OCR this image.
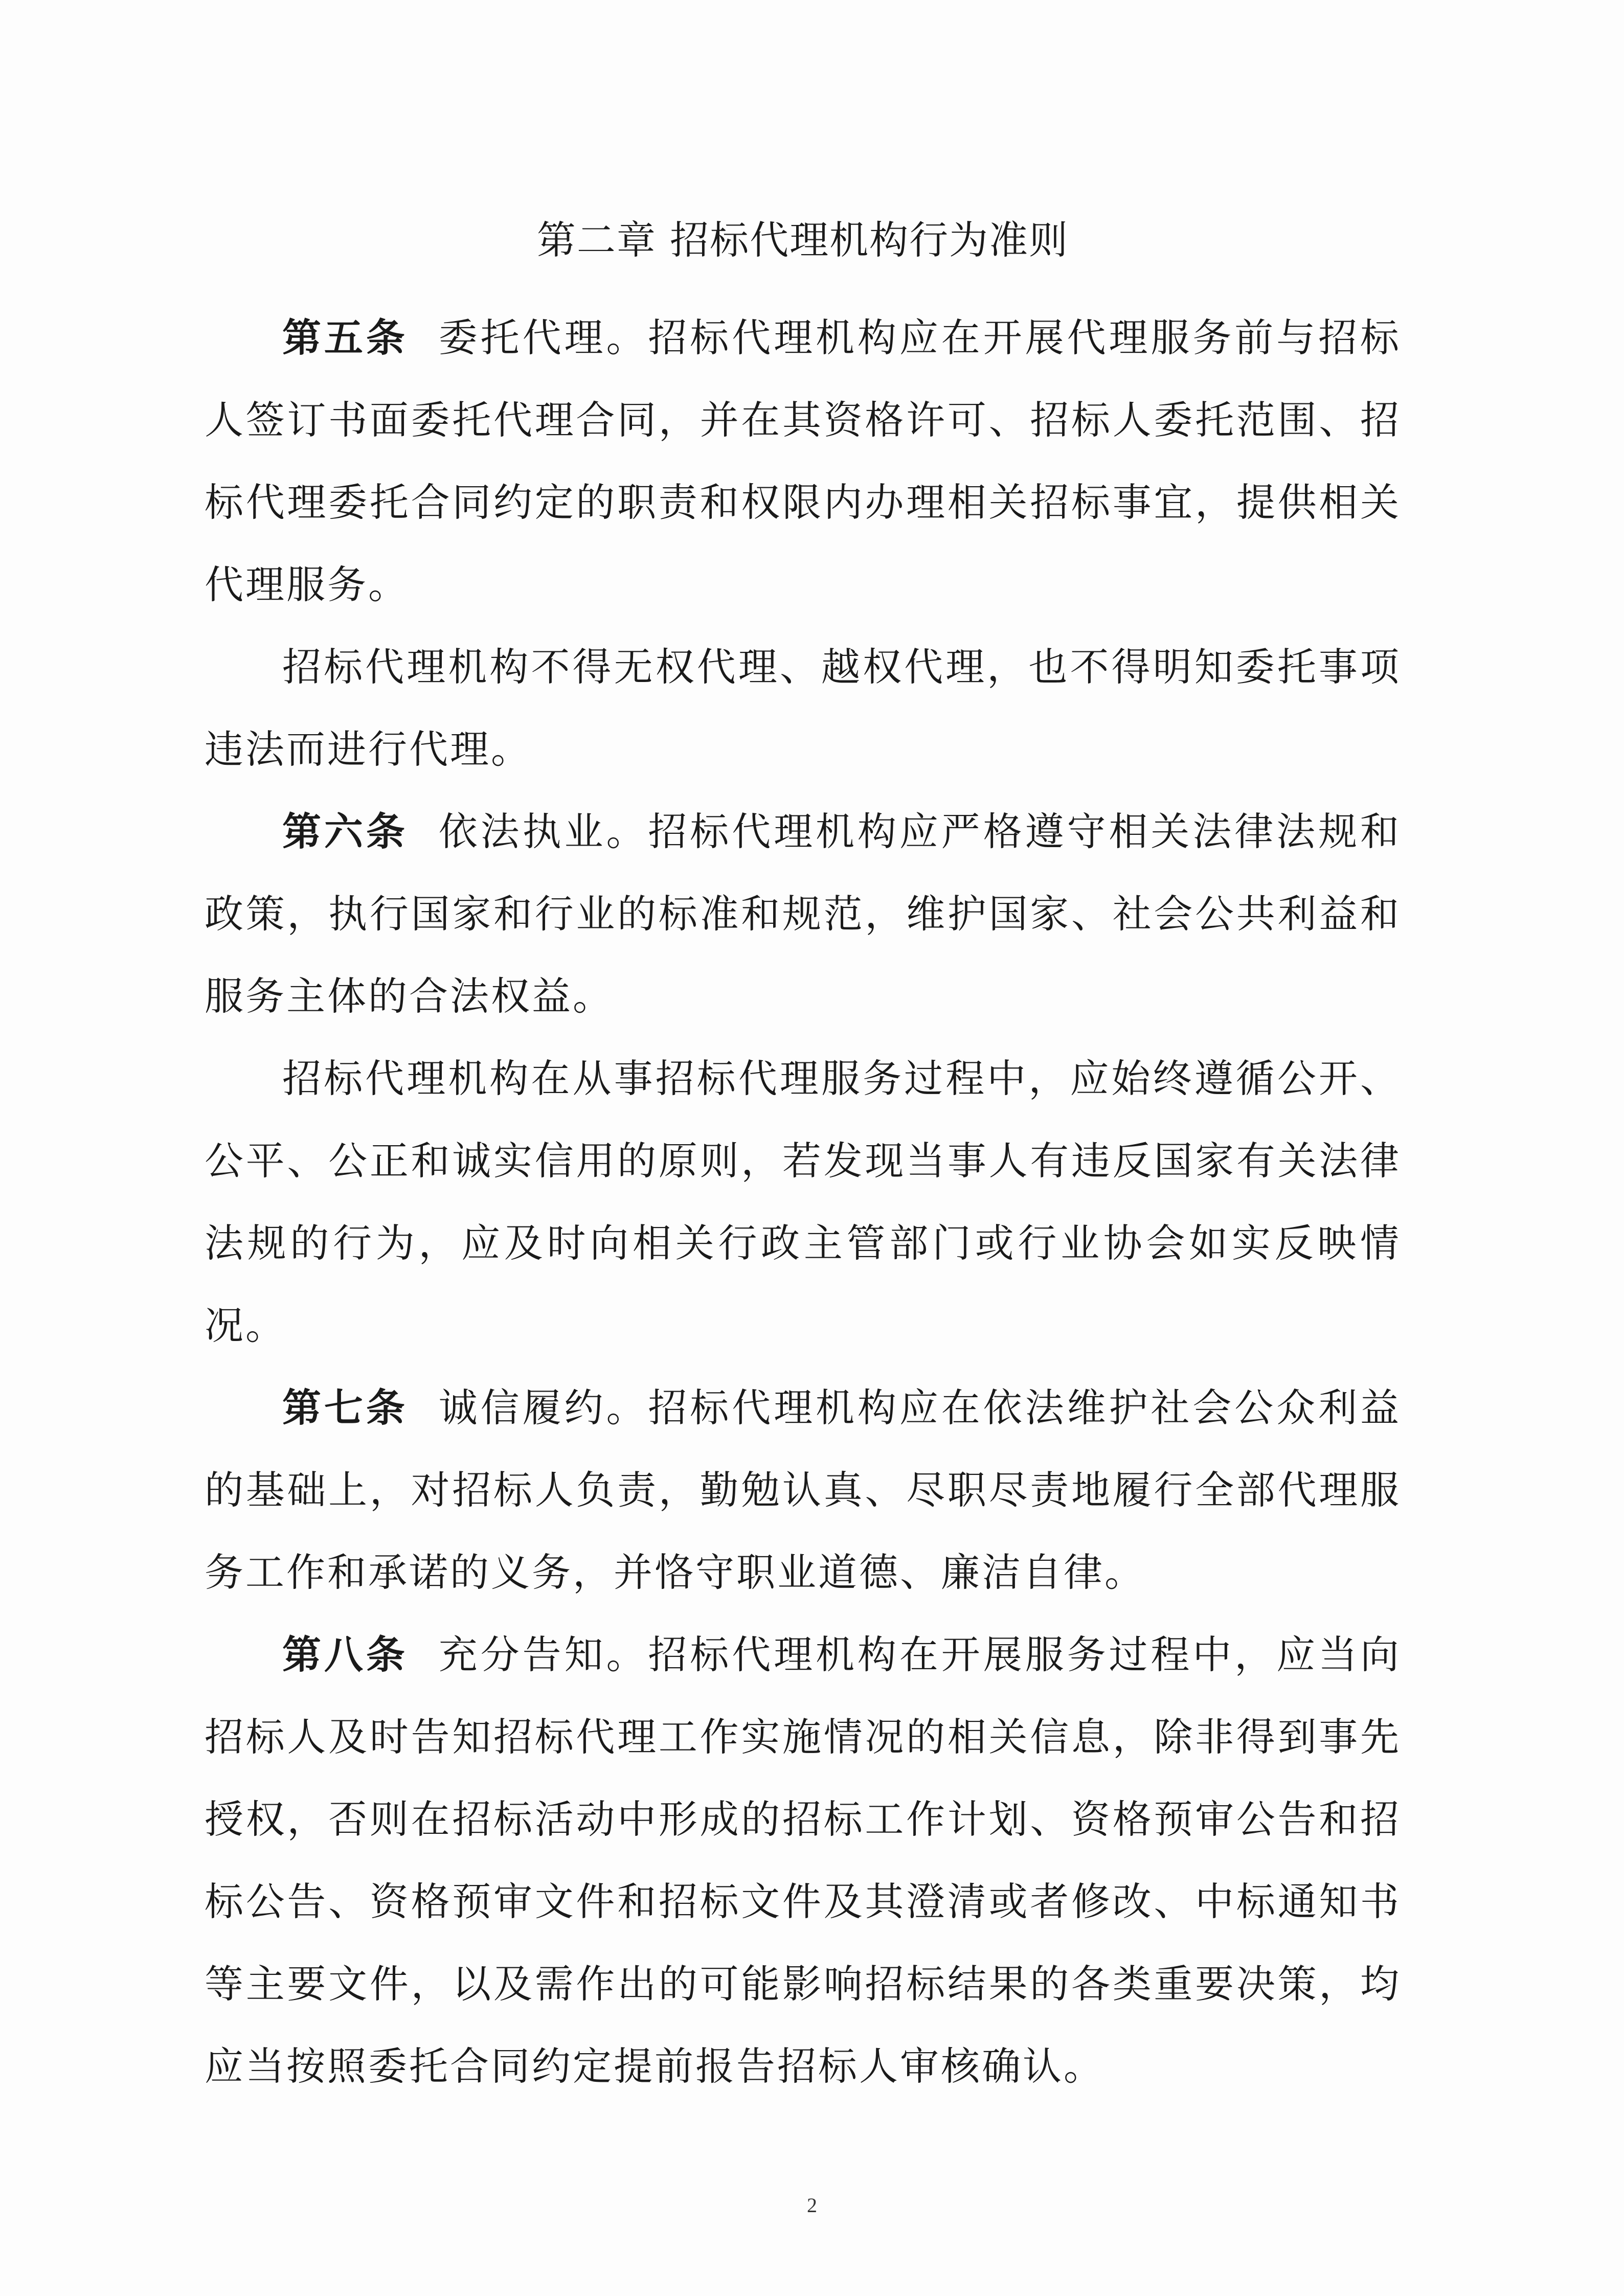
第二章 招标代理机构行为准则

第五条 委托代理。招标代理机构应在开展代理服务前与招标人签订书面委托代理合同，并在其资格许可、招标人委托范围、招标代理委托合同约定的职责和权限内办理相关招标事宜，提供相关代理服务。

招标代理机构不得无权代理、越权代理，也不得明知委托事项违法而进行代理。

第六条 依法执业。招标代理机构应严格遵守相关法律法规和政策，执行国家和行业的标准和规范，维护国家、社会公共利益和服务主体的合法权益。

招标代理机构在从事招标代理服务过程中，应始终遵循公开、公平、公正和诚实信用的原则，若发现当事人有违反国家有关法律法规的行为，应及时向相关行政主管部门或行业协会如实反映情况。

第七条 诚信履约。招标代理机构应在依法维护社会公众利益的基础上，对招标人负责，勤勉认真、尽职尽责地履行全部代理服务工作和承诺的义务，并恪守职业道德、廉洁自律。

第八条 充分告知。招标代理机构在开展服务过程中，应当向招标人及时告知招标代理工作实施情况的相关信息，除非得到事先授权，否则在招标活动中形成的招标工作计划、资格预审公告和招标公告、资格预审文件和招标文件及其澄清或者修改、中标通知书等主要文件，以及需作出的可能影响招标结果的各类重要决策，均应当按照委托合同约定提前报告招标人审核确认。

2
